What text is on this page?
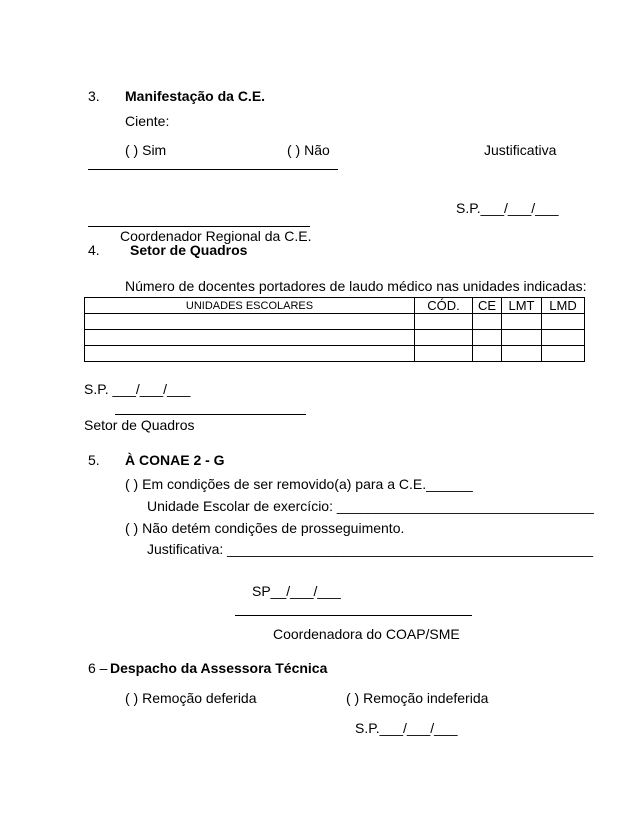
3. Manifestação da C.E.
Ciente:
( ) Sim	( ) Não	Justificativa
S.P.___/___/___
Coordenador Regional da C.E.
4. Setor de Quadros
Número de docentes portadores de laudo médico nas unidades indicadas:
UNIDADES ESCOLARES	CÓD.	CE	LMT	LMD

S.P. ___/___/___
Setor de Quadros
5. À CONAE 2 - G
( ) Em condições de ser removido(a) para a C.E.______
Unidade Escolar de exercício: _________________________________
( ) Não detém condições de prosseguimento.
Justificativa: _______________________________________________
SP__/___/___
Coordenadora do COAP/SME
6 – Despacho da Assessora Técnica
( ) Remoção deferida	( ) Remoção indeferida
S.P.___/___/___
